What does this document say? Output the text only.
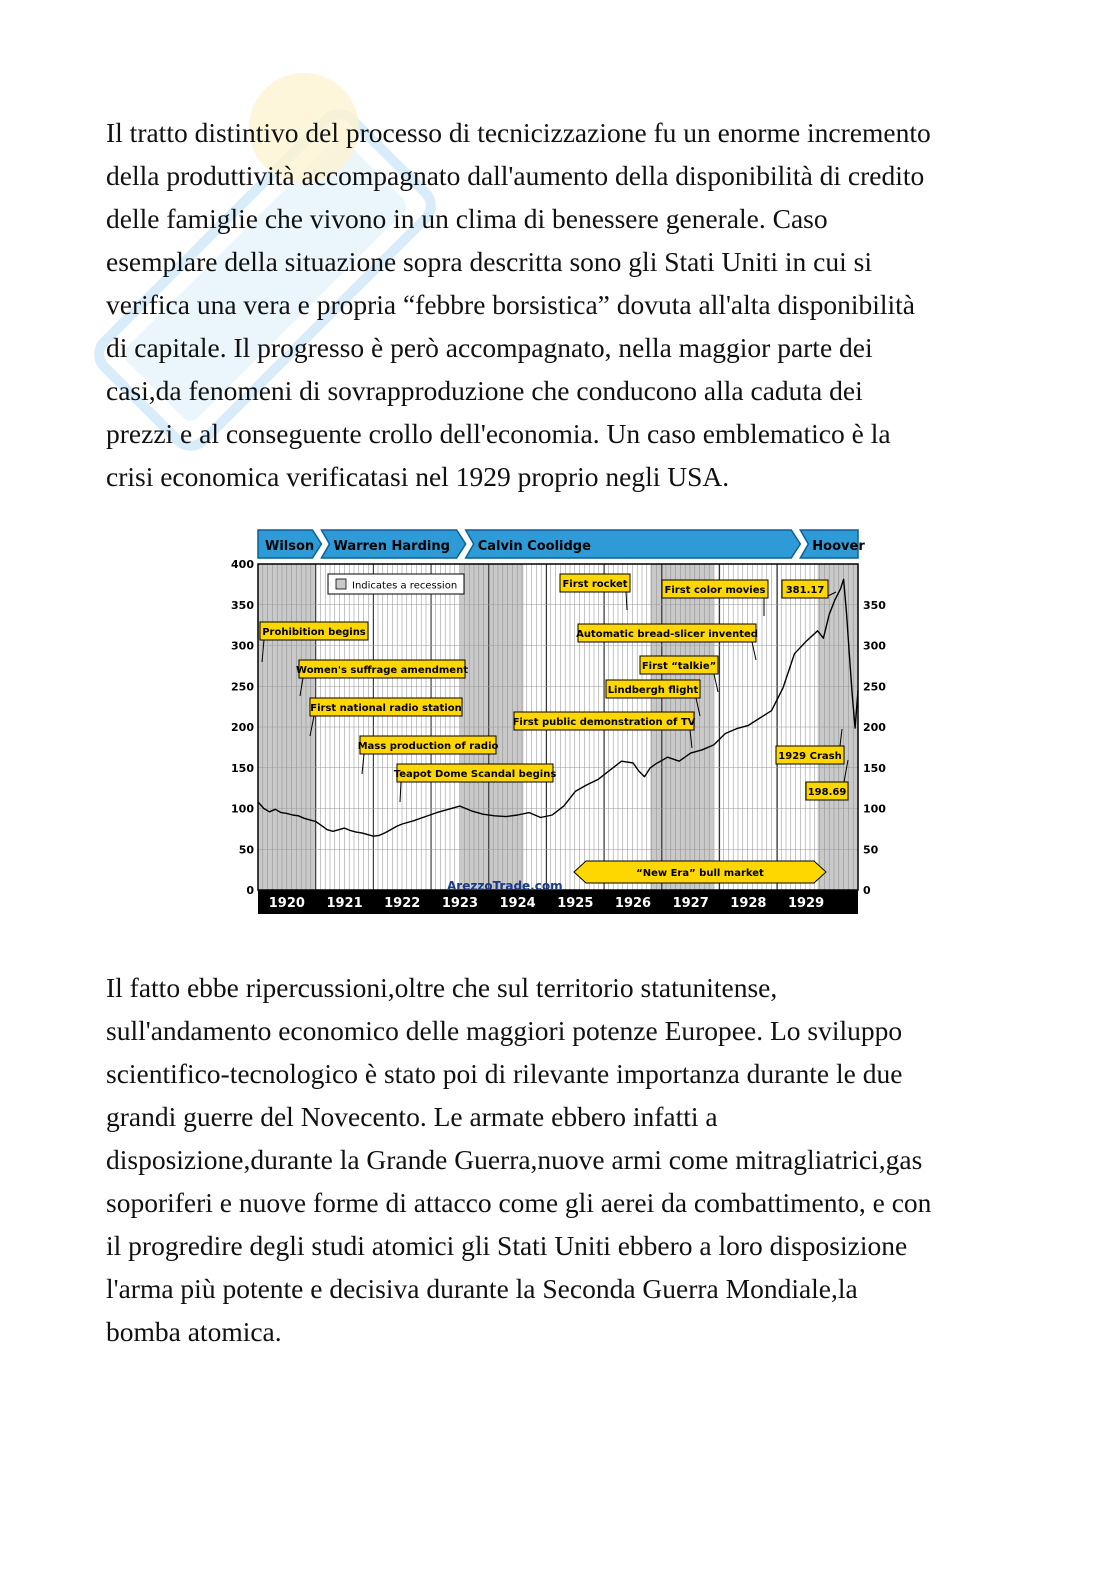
Il tratto distintivo del processo di tecnicizzazione fu un enorme incremento
della produttività accompagnato dall'aumento della disponibilità di credito
delle famiglie che vivono in un clima di benessere generale. Caso
esemplare della situazione sopra descritta sono gli Stati Uniti in cui si
verifica una vera e propria “febbre borsistica” dovuta all'alta disponibilità
di capitale. Il progresso è però accompagnato, nella maggior parte dei
casi,da fenomeni di sovrapproduzione che conducono alla caduta dei
prezzi e al conseguente crollo dell'economia. Un caso emblematico è la
crisi economica verificatasi nel 1929 proprio negli USA.

Wilson Warren Harding Calvin Coolidge	Hoover
0
50
100
150
200
250
300
350
400
0
50
100
150
200
250
300
350
1920 1921 1922 1923 1924 1925 1926 1927 1928 1929
Indicates a recession
Prohibition begins
Women's suffrage amendment
First national radio station
Mass production of radio
Teapot Dome Scandal begins
First rocket
First color movies
Automatic bread-slicer invented
First “talkie”
Lindbergh flight
First public demonstration of TV
1929 Crash
381.17
198.69
“New Era” bull market
ArezzoTrade.com

Il fatto ebbe ripercussioni,oltre che sul territorio statunitense,
sull'andamento economico delle maggiori potenze Europee. Lo sviluppo
scientifico-tecnologico è stato poi di rilevante importanza durante le due
grandi guerre del Novecento. Le armate ebbero infatti a
disposizione,durante la Grande Guerra,nuove armi come mitragliatrici,gas
soporiferi e nuove forme di attacco come gli aerei da combattimento, e con
il progredire degli studi atomici gli Stati Uniti ebbero a loro disposizione
l'arma più potente e decisiva durante la Seconda Guerra Mondiale,la
bomba atomica.
